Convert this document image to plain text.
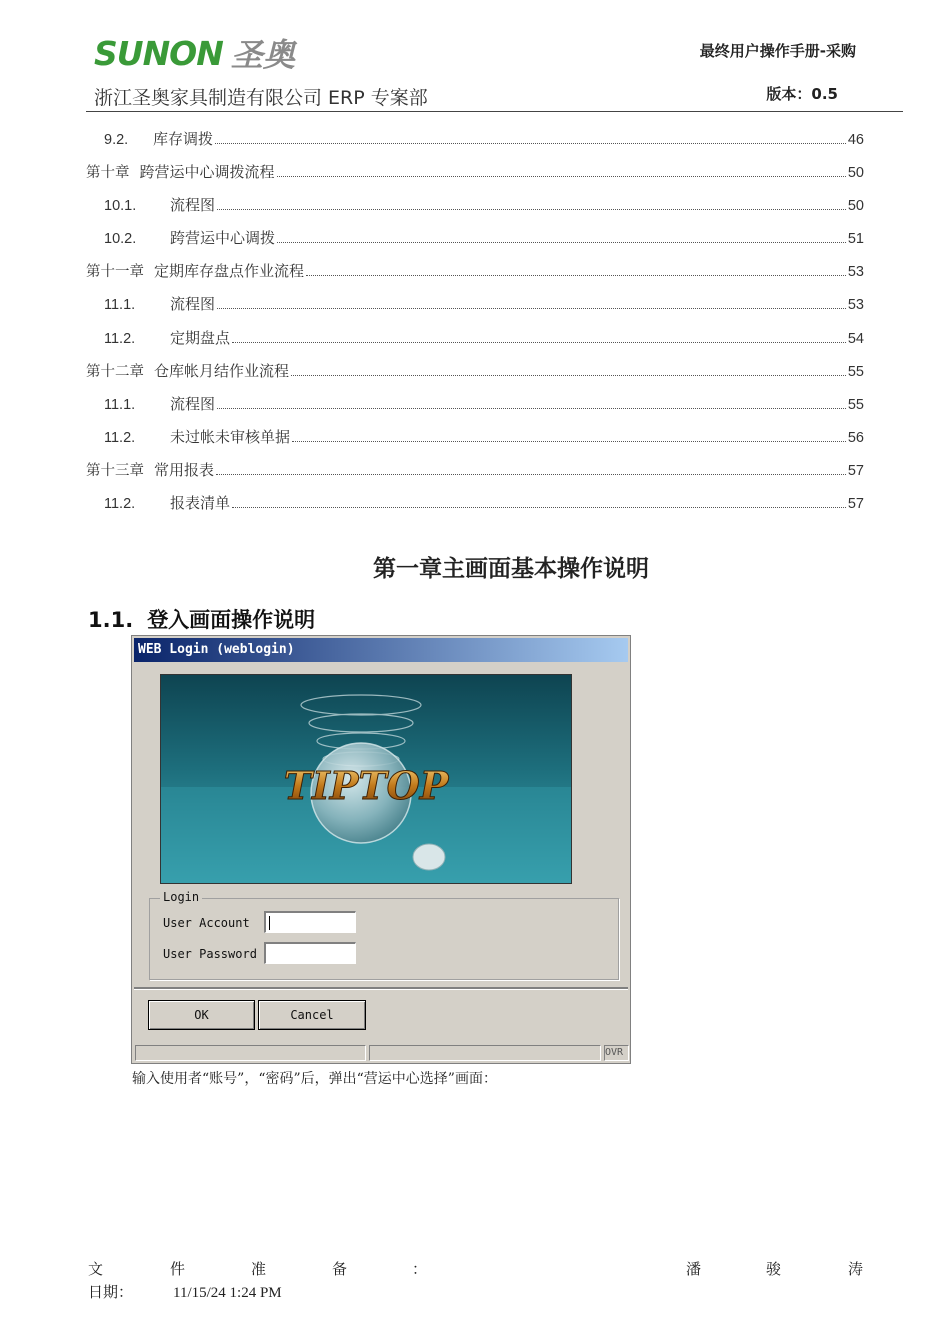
SUNON 圣奥
浙江圣奥家具制造有限公司 ERP 专案部
最终用户操作手册-采购
版本：0.5
9.2.	库存调拨	46
第十章 跨营运中心调拨流程	50
10.1.	流程图	50
10.2.	跨营运中心调拨	51
第十一章 定期库存盘点作业流程	53
11.1.	流程图	53
11.2.	定期盘点	54
第十二章 仓库帐月结作业流程	55
11.1.	流程图	55
11.2.	未过帐未审核单据	56
第十三章 常用报表	57
11.2.	报表清单	57
第一章主画面基本操作说明
1.1. 登入画面操作说明
WEB Login (weblogin)
TIPTOP
Login
User Account
User Password
OK	Cancel
OVR
输入使用者“账号”，“密码”后，弹出“营运中心选择”画面：
文	件	准	备	：	潘	骏	涛
日期：	11/15/24 1:24 PM
